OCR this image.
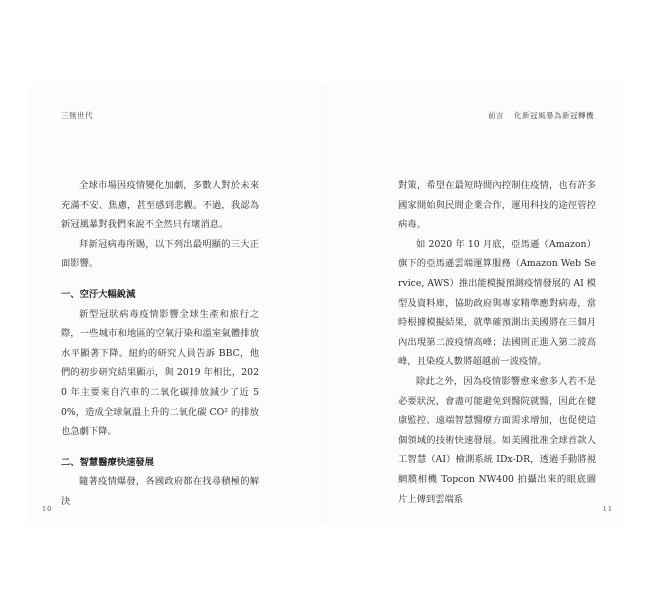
三無世代	前言 化新冠風暴為新冠轉機

全球市場因疫情變化加劇，多數人對於未來充滿不安、焦慮，甚至感到悲觀。不過，我認為新冠風暴對我們來說不全然只有壞消息。

拜新冠病毒所賜，以下列出最明顯的三大正面影響。

一、空汙大幅銳減

新型冠狀病毒疫情影響全球生產和旅行之際，一些城市和地區的空氣汙染和溫室氣體排放水平顯著下降。紐約的研究人員告訴 BBC，他們的初步研究結果顯示，與 2019 年相比，2020 年主要來自汽車的二氧化碳排放減少了近 50%，造成全球氣溫上升的二氧化碳 CO² 的排放也急劇下降。

二、智慧醫療快速發展

隨著疫情爆發，各國政府都在找尋積極的解決

對策，希望在最短時間內控制住疫情，也有許多國家開始與民間企業合作，運用科技的途徑管控病毒。

如 2020 年 10 月底，亞馬遜（Amazon）旗下的亞馬遜雲端運算服務（Amazon Web Service, AWS）推出能模擬預測疫情發展的 AI 模型及資料庫，協助政府與專家精準應對病毒，當時根據模擬結果，就準確預測出美國將在三個月內出現第二波疫情高峰；法國則正進入第二波高峰，且染疫人數將超越前一波疫情。

除此之外，因為疫情影響愈來愈多人若不是必要狀況，會盡可能避免到醫院就醫，因此在健康監控、遠端智慧醫療方面需求增加，也促使這個領域的技術快速發展。如美國批准全球首款人工智慧（AI）檢測系統 IDx-DR，透過手動將視網膜相機 Topcon NW400 拍攝出來的眼底圖片上傳到雲端系

10	11
